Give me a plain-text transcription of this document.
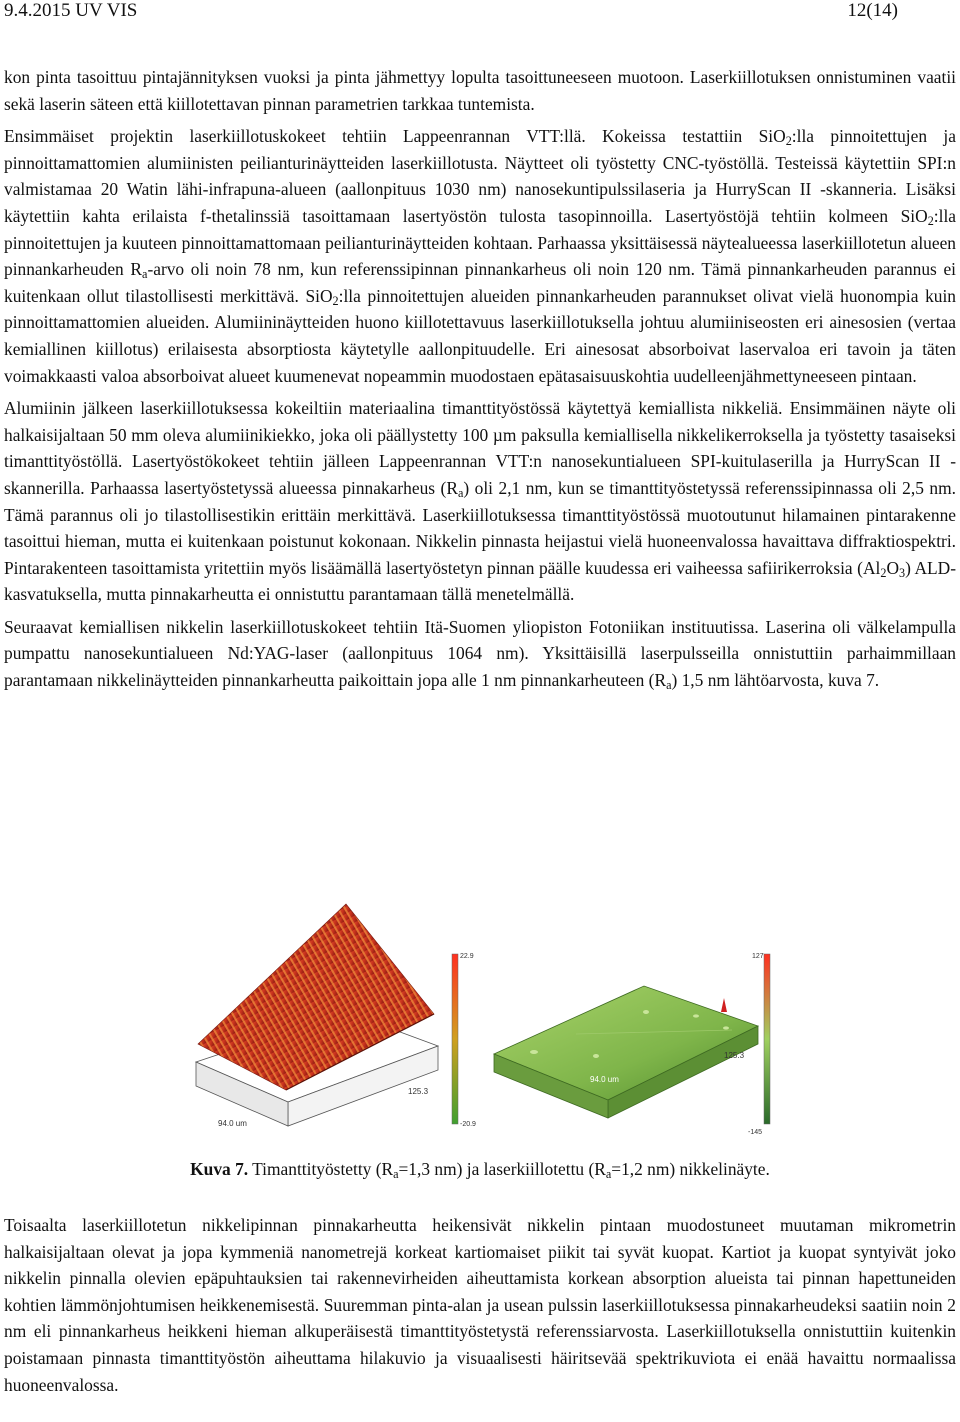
9.4.2015 UV VIS	12(14)

kon pinta tasoittuu pintajännityksen vuoksi ja pinta jähmettyy lopulta tasoittuneeseen muotoon. Laserkiillotuksen onnistuminen vaatii sekä laserin säteen että kiillotettavan pinnan parametrien tarkkaa tuntemista.

Ensimmäiset projektin laserkiillotuskokeet tehtiin Lappeenrannan VTT:llä. Kokeissa testattiin SiO$_2$:lla pinnoitettujen ja pinnoittamattomien alumiinisten peilianturinäytteiden laserkiillotusta. Näytteet oli työstetty CNC-työstöllä. Testeissä käytettiin SPI:n valmistamaa 20 Watin lähi-infrapuna-alueen (aallonpituus 1030 nm) nanosekuntipulssilaseria ja HurryScan II -skanneria. Lisäksi käytettiin kahta erilaista f-thetalinssiä tasoittamaan lasertyöstön tulosta tasopinnoilla. Lasertyöstöjä tehtiin kolmeen SiO$_2$:lla pinnoitettujen ja kuuteen pinnoittamattomaan peilianturinäytteiden kohtaan. Parhaassa yksittäisessä näytealueessa laserkiillotetun alueen pinnankarheuden $R_a$-arvo oli noin 78 nm, kun referenssipinnan pinnankarheus oli noin 120 nm. Tämä pinnankarheuden parannus ei kuitenkaan ollut tilastollisesti merkittävä. SiO$_2$:lla pinnoitettujen alueiden pinnankarheuden parannukset olivat vielä huonompia kuin pinnoittamattomien alueiden. Alumiininäytteiden huono kiillotettavuus laserkiillotuksella johtuu alumiiniseosten eri ainesosien (vertaa kemiallinen kiillotus) erilaisesta absorptiosta käytetylle aallonpituudelle. Eri ainesosat absorboivat laservaloa eri tavoin ja täten voimakkaasti valoa absorboivat alueet kuumenevat nopeammin muodostaen epätasaisuuskohtia uudelleenjähmettyneeseen pintaan.

Alumiinin jälkeen laserkiillotuksessa kokeiltiin materiaalina timanttityöstössä käytettyä kemiallista nikkeliä. Ensimmäinen näyte oli halkaisijaltaan 50 mm oleva alumiinikiekko, joka oli päällystetty 100 µm paksulla kemiallisella nikkelikerroksella ja työstetty tasaiseksi timanttityöstöllä. Lasertyöstökokeet tehtiin jälleen Lappeenrannan VTT:n nanosekuntialueen SPI-kuitulaserilla ja HurryScan II -skannerilla. Parhaassa lasertyöstetyssä alueessa pinnakarheus $(R_a)$ oli 2,1 nm, kun se timanttityöstetyssä referenssipinnassa oli 2,5 nm. Tämä parannus oli jo tilastollisestikin erittäin merkittävä. Laserkiillotuksessa timanttityöstössä muotoutunut hilamainen pintarakenne tasoittui hieman, mutta ei kuitenkaan poistunut kokonaan. Nikkelin pinnasta heijastui vielä huoneenvalossa havaittava diffraktiospektri. Pintarakenteen tasoittamista yritettiin myös lisäämällä lasertyöstetyn pinnan päälle kuudessa eri vaiheessa safiirikerroksia $(Al_2O_3)$ ALD-kasvatuksella, mutta pinnakarheutta ei onnistuttu parantamaan tällä menetelmällä.

Seuraavat kemiallisen nikkelin laserkiillotuskokeet tehtiin Itä-Suomen yliopiston Fotoniikan instituutissa. Laserina oli välkelampulla pumpattu nanosekuntialueen Nd:YAG-laser (aallonpituus 1064 nm). Yksittäisillä laserpulsseilla onnistuttiin parhaimmillaan parantamaan nikkelinäytteiden pinnankarheutta paikoittain jopa alle 1 nm pinnankarheuteen $(R_a)$ 1,5 nm lähtöarvosta, kuva 7.

94.0 um
125.3
22.9
-20.9
94.0 um
125.3
127
-145
Kuva 7. Timanttityöstetty ($R_a=1,3$ nm) ja laserkiillotettu ($R_a=1,2$ nm) nikkelinäyte.

Toisaalta laserkiillotetun nikkelipinnan pinnakarheutta heikensivät nikkelin pintaan muodostuneet muutaman mikrometrin halkaisijaltaan olevat ja jopa kymmeniä nanometrejä korkeat kartiomaiset piikit tai syvät kuopat. Kartiot ja kuopat syntyivät joko nikkelin pinnalla olevien epäpuhtauksien tai rakennevirheiden aiheuttamista korkean absorption alueista tai pinnan hapettuneiden kohtien lämmönjohtumisen heikkenemisestä. Suuremman pinta-alan ja usean pulssin laserkiillotuksessa pinnakarheudeksi saatiin noin 2 nm eli pinnankarheus heikkeni hieman alkuperäisestä timanttityöstetystä referenssiarvosta. Laserkiillotuksella onnistuttiin kuitenkin poistamaan pinnasta timanttityöstön aiheuttama hilakuvio ja visuaalisesti häiritsevää spektrikuviota ei enää havaittu normaalissa huoneenvalossa.
